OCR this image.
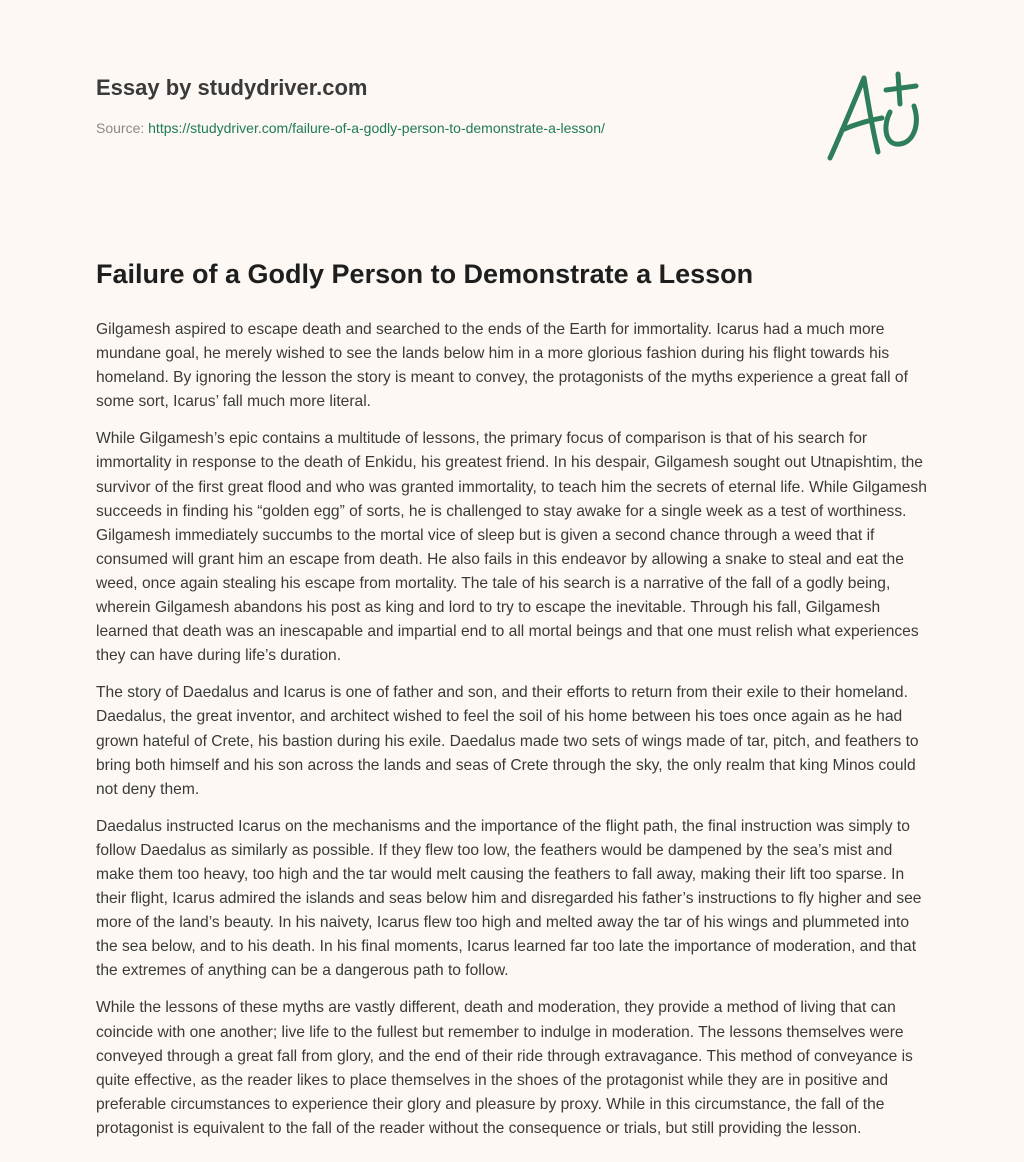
Essay by studydriver.com
Source: https://studydriver.com/failure-of-a-godly-person-to-demonstrate-a-lesson/
Failure of a Godly Person to Demonstrate a Lesson

Gilgamesh aspired to escape death and searched to the ends of the Earth for immortality. Icarus had a much more mundane goal, he merely wished to see the lands below him in a more glorious fashion during his flight towards his homeland. By ignoring the lesson the story is meant to convey, the protagonists of the myths experience a great fall of some sort, Icarus’ fall much more literal.

While Gilgamesh’s epic contains a multitude of lessons, the primary focus of comparison is that of his search for immortality in response to the death of Enkidu, his greatest friend. In his despair, Gilgamesh sought out Utnapishtim, the survivor of the first great flood and who was granted immortality, to teach him the secrets of eternal life. While Gilgamesh succeeds in finding his “golden egg” of sorts, he is challenged to stay awake for a single week as a test of worthiness. Gilgamesh immediately succumbs to the mortal vice of sleep but is given a second chance through a weed that if consumed will grant him an escape from death. He also fails in this endeavor by allowing a snake to steal and eat the weed, once again stealing his escape from mortality. The tale of his search is a narrative of the fall of a godly being, wherein Gilgamesh abandons his post as king and lord to try to escape the inevitable. Through his fall, Gilgamesh learned that death was an inescapable and impartial end to all mortal beings and that one must relish what experiences they can have during life’s duration.

The story of Daedalus and Icarus is one of father and son, and their efforts to return from their exile to their homeland. Daedalus, the great inventor, and architect wished to feel the soil of his home between his toes once again as he had grown hateful of Crete, his bastion during his exile. Daedalus made two sets of wings made of tar, pitch, and feathers to bring both himself and his son across the lands and seas of Crete through the sky, the only realm that king Minos could not deny them.

Daedalus instructed Icarus on the mechanisms and the importance of the flight path, the final instruction was simply to follow Daedalus as similarly as possible. If they flew too low, the feathers would be dampened by the sea’s mist and make them too heavy, too high and the tar would melt causing the feathers to fall away, making their lift too sparse. In their flight, Icarus admired the islands and seas below him and disregarded his father’s instructions to fly higher and see more of the land’s beauty. In his naivety, Icarus flew too high and melted away the tar of his wings and plummeted into the sea below, and to his death. In his final moments, Icarus learned far too late the importance of moderation, and that the extremes of anything can be a dangerous path to follow.

While the lessons of these myths are vastly different, death and moderation, they provide a method of living that can coincide with one another; live life to the fullest but remember to indulge in moderation. The lessons themselves were conveyed through a great fall from glory, and the end of their ride through extravagance. This method of conveyance is quite effective, as the reader likes to place themselves in the shoes of the protagonist while they are in positive and preferable circumstances to experience their glory and pleasure by proxy. While in this circumstance, the fall of the protagonist is equivalent to the fall of the reader without the consequence or trials, but still providing the lesson.
